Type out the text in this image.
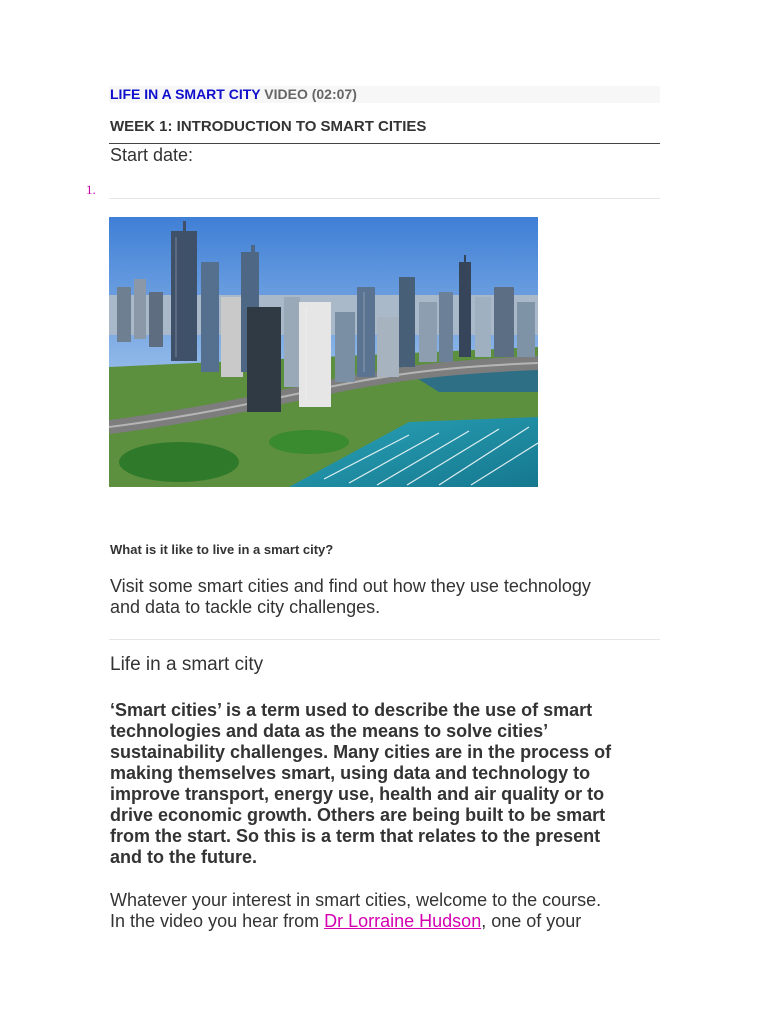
LIFE IN A SMART CITY VIDEO (02:07)
WEEK 1: INTRODUCTION TO SMART CITIES
Start date:
1.
What is it like to live in a smart city?
Visit some smart cities and find out how they use technology
and data to tackle city challenges.
Life in a smart city
‘Smart cities’ is a term used to describe the use of smart
technologies and data as the means to solve cities’
sustainability challenges. Many cities are in the process of
making themselves smart, using data and technology to
improve transport, energy use, health and air quality or to
drive economic growth. Others are being built to be smart
from the start. So this is a term that relates to the present
and to the future.
Whatever your interest in smart cities, welcome to the course.
In the video you hear from Dr Lorraine Hudson, one of your
